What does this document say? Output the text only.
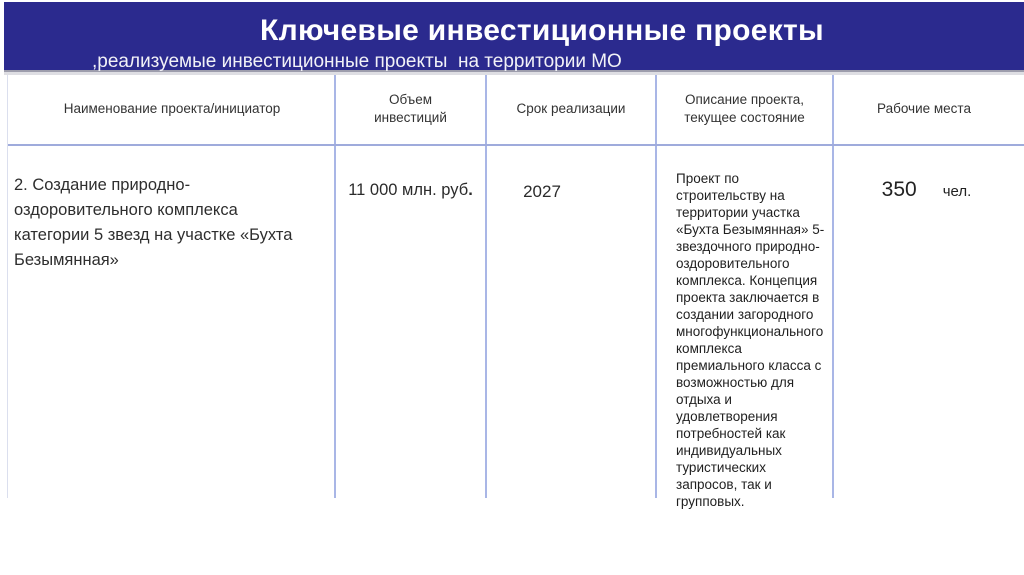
Ключевые инвестиционные проекты
,реализуемые инвестиционные проекты  на территории МО
Наименование проекта/инициатор
Объем инвестиций
Срок реализации
Описание проекта, текущее состояние
Рабочие места
2. Создание природно-оздоровительного комплекса категории 5 звезд на участке «Бухта Безымянная»
11 000 млн. руб.	2027
Проект по строительству на территории участка «Бухта Безымянная» 5-звездочного природно-оздоровительного комплекса. Концепция проекта заключается в создании загородного многофункционального комплекса премиального класса с возможностью для отдыха и удовлетворения потребностей как индивидуальных туристических запросов, так и групповых.
350 чел.
